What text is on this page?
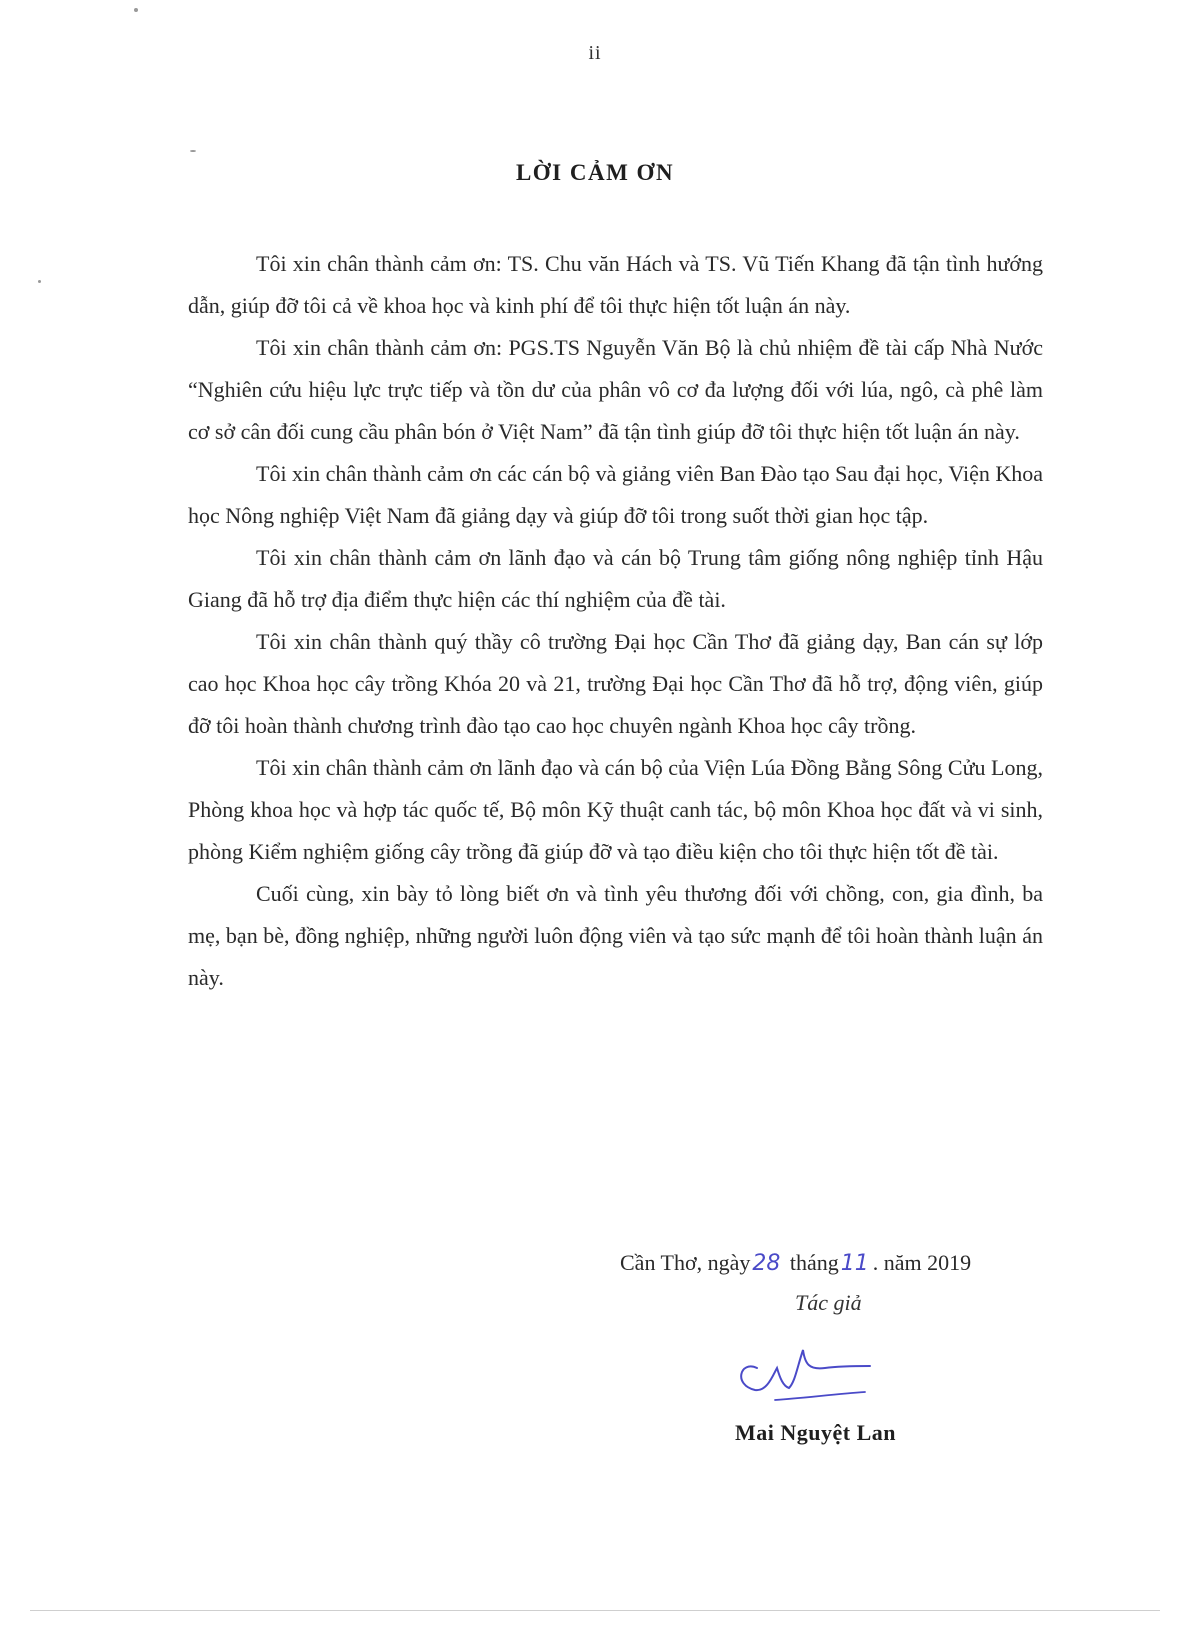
ii
LỜI CẢM ƠN

Tôi xin chân thành cảm ơn: TS. Chu văn Hách và TS. Vũ Tiến Khang đã tận tình hướng dẫn, giúp đỡ tôi cả về khoa học và kinh phí để tôi thực hiện tốt luận án này.

Tôi xin chân thành cảm ơn: PGS.TS Nguyễn Văn Bộ là chủ nhiệm đề tài cấp Nhà Nước “Nghiên cứu hiệu lực trực tiếp và tồn dư của phân vô cơ đa lượng đối với lúa, ngô, cà phê làm cơ sở cân đối cung cầu phân bón ở Việt Nam” đã tận tình giúp đỡ tôi thực hiện tốt luận án này.

Tôi xin chân thành cảm ơn các cán bộ và giảng viên Ban Đào tạo Sau đại học, Viện Khoa học Nông nghiệp Việt Nam đã giảng dạy và giúp đỡ tôi trong suốt thời gian học tập.

Tôi xin chân thành cảm ơn lãnh đạo và cán bộ Trung tâm giống nông nghiệp tỉnh Hậu Giang đã hỗ trợ địa điểm thực hiện các thí nghiệm của đề tài.

Tôi xin chân thành quý thầy cô trường Đại học Cần Thơ đã giảng dạy, Ban cán sự lớp cao học Khoa học cây trồng Khóa 20 và 21, trường Đại học Cần Thơ đã hỗ trợ, động viên, giúp đỡ tôi hoàn thành chương trình đào tạo cao học chuyên ngành Khoa học cây trồng.

Tôi xin chân thành cảm ơn lãnh đạo và cán bộ của Viện Lúa Đồng Bằng Sông Cửu Long, Phòng khoa học và hợp tác quốc tế, Bộ môn Kỹ thuật canh tác, bộ môn Khoa học đất và vi sinh, phòng Kiểm nghiệm giống cây trồng đã giúp đỡ và tạo điều kiện cho tôi thực hiện tốt đề tài.

Cuối cùng, xin bày tỏ lòng biết ơn và tình yêu thương đối với chồng, con, gia đình, ba mẹ, bạn bè, đồng nghiệp, những người luôn động viên và tạo sức mạnh để tôi hoàn thành luận án này.

Cần Thơ, ngày28 tháng11 . năm 2019
Tác giả
Mai Nguyệt Lan
